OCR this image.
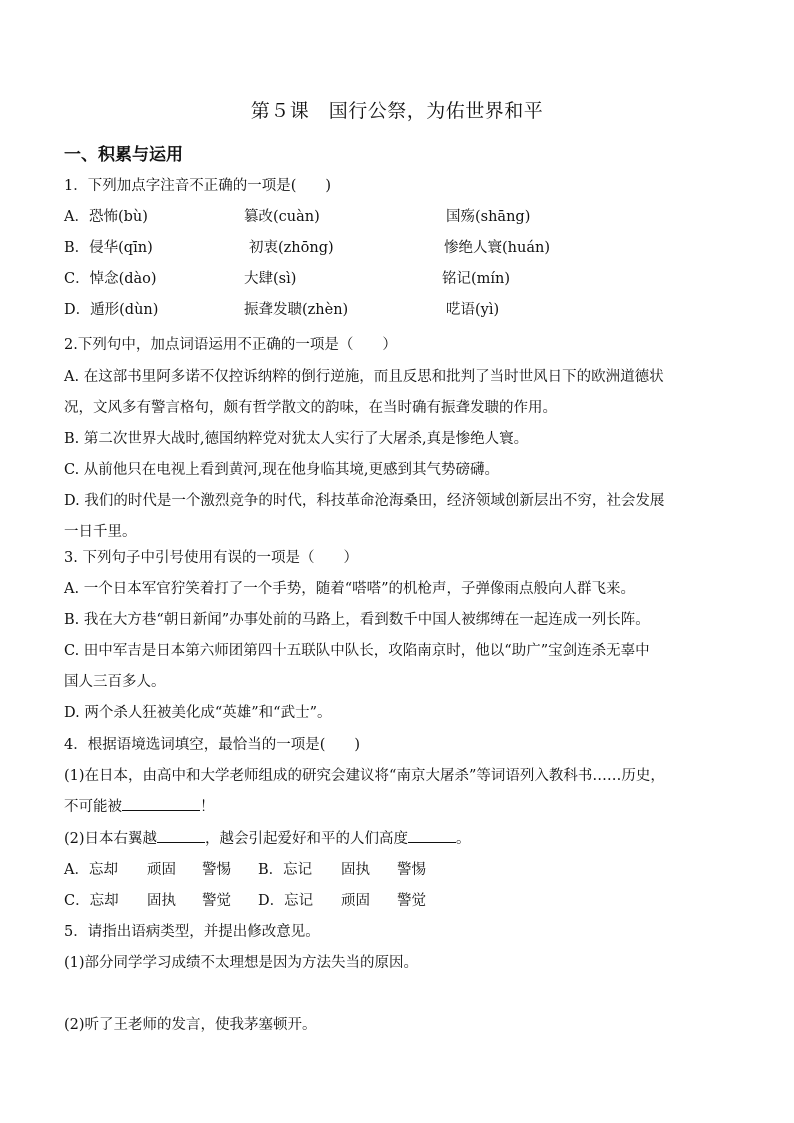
第５课　国行公祭，为佑世界和平
一、积累与运用
1．下列加点字注音不正确的一项是(　　)
A．恐怖(bù)	篡改(cuàn)	国殇(shāng)
B．侵华(qīn)	初衷(zhōng)	惨绝人寰(huán)
C．悼念(dào)	大肆(sì)	铭记(mín)
D．遁形(dùn)	振聋发聩(zhèn)	呓语(yì)
2.下列句中，加点词语运用不正确的一项是（　　）
A. 在这部书里阿多诺不仅控诉纳粹的倒行逆施，而且反思和批判了当时世风日下的欧洲道德状
况，文风多有警言格句，颇有哲学散文的韵味，在当时确有振聋发聩的作用。
B. 第二次世界大战时,德国纳粹党对犹太人实行了大屠杀,真是惨绝人寰。
C. 从前他只在电视上看到黄河,现在他身临其境,更感到其气势磅礴。
D. 我们的时代是一个激烈竞争的时代，科技革命沧海桑田，经济领域创新层出不穷，社会发展
一日千里。
3. 下列句子中引号使用有误的一项是（　　）
A. 一个日本军官狞笑着打了一个手势，随着“嗒嗒”的机枪声，子弹像雨点般向人群飞来。
B. 我在大方巷“朝日新闻”办事处前的马路上，看到数千中国人被绑缚在一起连成一列长阵。
C. 田中军吉是日本第六师团第四十五联队中队长，攻陷南京时，他以“助广”宝剑连杀无辜中
国人三百多人。
D. 两个杀人狂被美化成“英雄”和“武士”。
4．根据语境选词填空，最恰当的一项是(　　)
(1)在日本，由高中和大学老师组成的研究会建议将“南京大屠杀”等词语列入教科书……历史，
不可能被	！
(2)日本右翼越	，越会引起爱好和平的人们高度	。
A．忘却 顽固 警惕 B．忘记 固执 警惕
C．忘却 固执 警觉 D．忘记 顽固 警觉
5．请指出语病类型，并提出修改意见。
(1)部分同学学习成绩不太理想是因为方法失当的原因。
(2)听了王老师的发言，使我茅塞顿开。
